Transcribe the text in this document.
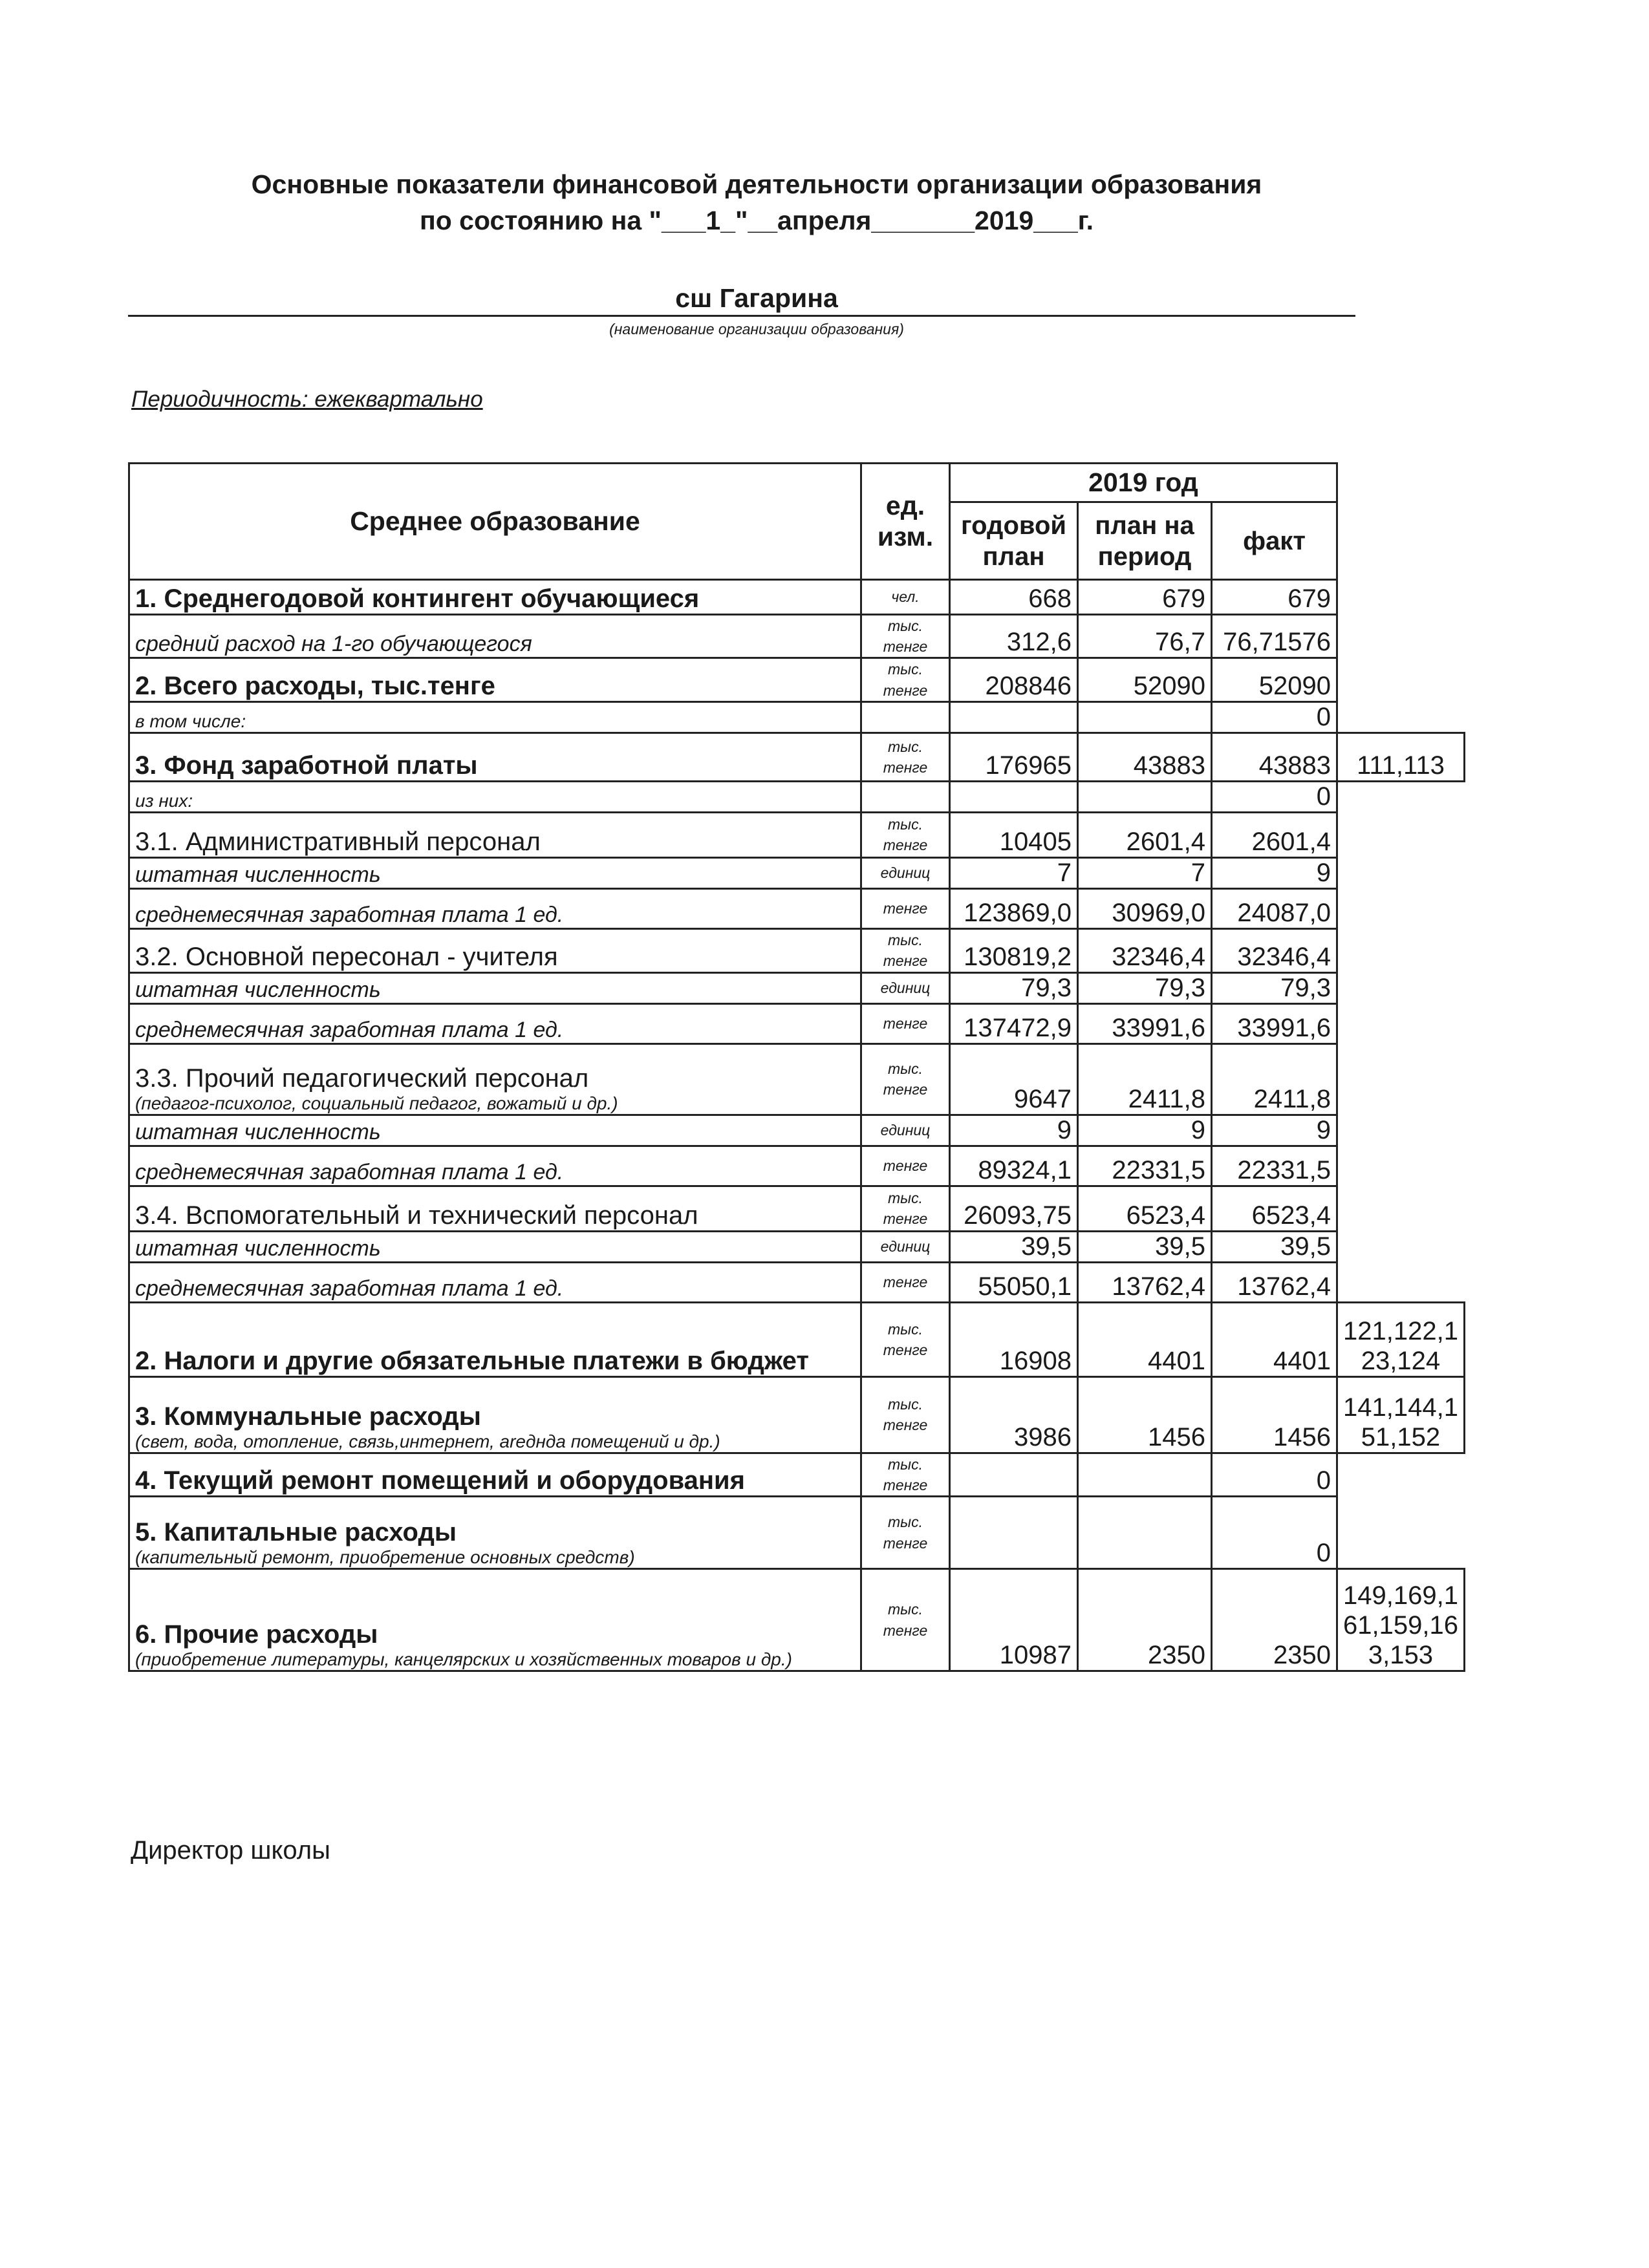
Основные показатели финансовой деятельности организации образования
по состоянию на "___1_"__апреля_______2019___г.
сш Гагарина
(наименование организации образования)
Периодичность: ежеквартально
Среднее образование	ед. изм.	2019 год			
		годовой план	план на период	факт	
1. Среднегодовой контингент обучающиеся	чел.	668	679	679	
средний расход на 1-го обучающегося	тыс. тенге	312,6	76,7	76,71576	
2. Всего расходы, тыс.тенге	тыс. тенге	208846	52090	52090	
в том числе:				0	
3. Фонд заработной платы	тыс. тенге	176965	43883	43883	111,113
из них:				0	
3.1. Административный персонал	тыс. тенге	10405	2601,4	2601,4	
штатная численность	единиц	7	7	9	
среднемесячная заработная плата 1 ед.	тенге	123869,0	30969,0	24087,0	
3.2. Основной пересонал - учителя	тыс. тенге	130819,2	32346,4	32346,4	
штатная численность	единиц	79,3	79,3	79,3	
среднемесячная заработная плата 1 ед.	тенге	137472,9	33991,6	33991,6	
3.3. Прочий педагогический персонал
(педагог-психолог, социальный педагог, вожатый и др.)	тыс. тенге	9647	2411,8	2411,8	
штатная численность	единиц	9	9	9	
среднемесячная заработная плата 1 ед.	тенге	89324,1	22331,5	22331,5	
3.4. Вспомогательный и технический персонал	тыс. тенге	26093,75	6523,4	6523,4	
штатная численность	единиц	39,5	39,5	39,5	
среднемесячная заработная плата 1 ед.	тенге	55050,1	13762,4	13762,4	
2. Налоги и другие обязательные платежи в бюджет	тыс. тенге	16908	4401	4401	121,122,1 23,124
3. Коммунальные расходы
(свет, вода, отопление, связь,интернет, areднда помещений и др.)	тыс. тенге	3986	1456	1456	141,144,1 51,152
4. Текущий ремонт помещений и оборудования	тыс. тенге			0	
5. Капитальные расходы
(капительный ремонт, приобретение основных средств)	тыс. тенге			0	
6. Прочие расходы
(приобретение литературы, канцелярских и хозяйственных товаров и др.)	тыс. тенге	10987	2350	2350	149,169,1 61,159,16 3,153
Директор школы
